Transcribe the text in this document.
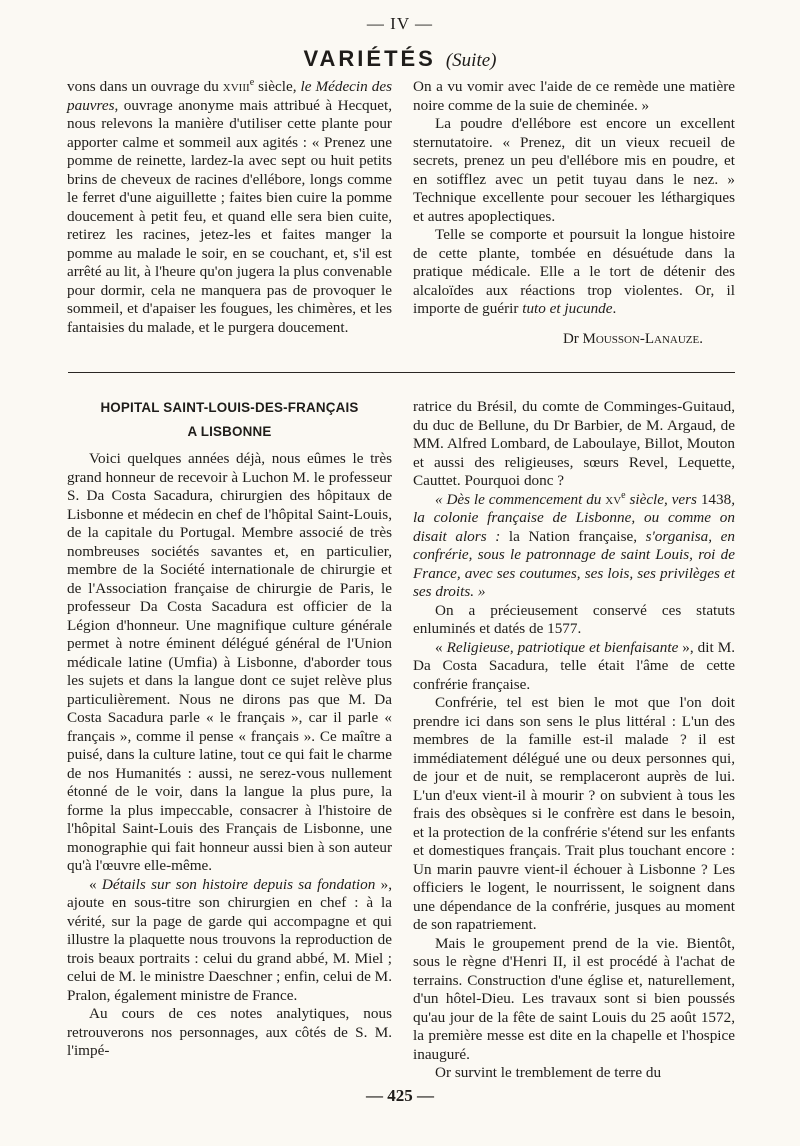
— IV —
VARIÉTÉS (Suite)

vons dans un ouvrage du xviii$^e$ siècle, le Médecin des pauvres, ouvrage anonyme mais attribué à Hecquet, nous relevons la manière d'utiliser cette plante pour apporter calme et sommeil aux agités : « Prenez une pomme de reinette, lardez-la avec sept ou huit petits brins de cheveux de racines d'ellébore, longs comme le ferret d'une aiguillette ; faites bien cuire la pomme doucement à petit feu, et quand elle sera bien cuite, retirez les racines, jetez-les et faites manger la pomme au malade le soir, en se couchant, et, s'il est arrêté au lit, à l'heure qu'on jugera la plus convenable pour dormir, cela ne manquera pas de provoquer le sommeil, et d'apaiser les fougues, les chimères, et les fantaisies du malade, et le purgera doucement.

On a vu vomir avec l'aide de ce remède une matière noire comme de la suie de cheminée. »

La poudre d'ellébore est encore un excellent sternutatoire. « Prenez, dit un vieux recueil de secrets, prenez un peu d'ellébore mis en poudre, et en sotifflez avec un petit tuyau dans le nez. » Technique excellente pour secouer les léthargiques et autres apoplectiques.

Telle se comporte et poursuit la longue histoire de cette plante, tombée en désuétude dans la pratique médicale. Elle a le tort de détenir des alcaloïdes aux réactions trop violentes. Or, il importe de guérir tuto et jucunde.

Dr Mousson-Lanauze.
HOPITAL SAINT-LOUIS-DES-FRANÇAIS
A LISBONNE

Voici quelques années déjà, nous eûmes le très grand honneur de recevoir à Luchon M. le professeur S. Da Costa Sacadura, chirurgien des hôpitaux de Lisbonne et médecin en chef de l'hôpital Saint-Louis, de la capitale du Portugal. Membre associé de très nombreuses sociétés savantes et, en particulier, membre de la Société internationale de chirurgie et de l'Association française de chirurgie de Paris, le professeur Da Costa Sacadura est officier de la Légion d'honneur. Une magnifique culture générale permet à notre éminent délégué général de l'Union médicale latine (Umfia) à Lisbonne, d'aborder tous les sujets et dans la langue dont ce sujet relève plus particulièrement. Nous ne dirons pas que M. Da Costa Sacadura parle « le français », car il parle « français », comme il pense « français ». Ce maître a puisé, dans la culture latine, tout ce qui fait le charme de nos Humanités : aussi, ne serez-vous nullement étonné de le voir, dans la langue la plus pure, la forme la plus impeccable, consacrer à l'histoire de l'hôpital Saint-Louis des Français de Lisbonne, une monographie qui fait honneur aussi bien à son auteur qu'à l'œuvre elle-même.

« Détails sur son histoire depuis sa fondation », ajoute en sous-titre son chirurgien en chef : à la vérité, sur la page de garde qui accompagne et qui illustre la plaquette nous trouvons la reproduction de trois beaux portraits : celui du grand abbé, M. Miel ; celui de M. le ministre Daeschner ; enfin, celui de M. Pralon, également ministre de France.

Au cours de ces notes analytiques, nous retrouverons nos personnages, aux côtés de S. M. l'impé-

ratrice du Brésil, du comte de Comminges-Guitaud, du duc de Bellune, du Dr Barbier, de M. Argaud, de MM. Alfred Lombard, de Laboulaye, Billot, Mouton et aussi des religieuses, sœurs Revel, Lequette, Cauttet. Pourquoi donc ?

« Dès le commencement du $xv^e$ siècle, vers 1438, la colonie française de Lisbonne, ou comme on disait alors : la Nation française, s'organisa, en confrérie, sous le patronnage de saint Louis, roi de France, avec ses coutumes, ses lois, ses privilèges et ses droits. »

On a précieusement conservé ces statuts enluminés et datés de 1577.

« Religieuse, patriotique et bienfaisante », dit M. Da Costa Sacadura, telle était l'âme de cette confrérie française.

Confrérie, tel est bien le mot que l'on doit prendre ici dans son sens le plus littéral : L'un des membres de la famille est-il malade ? il est immédiatement délégué une ou deux personnes qui, de jour et de nuit, se remplaceront auprès de lui. L'un d'eux vient-il à mourir ? on subvient à tous les frais des obsèques si le confrère est dans le besoin, et la protection de la confrérie s'étend sur les enfants et domestiques français. Trait plus touchant encore : Un marin pauvre vient-il échouer à Lisbonne ? Les officiers le logent, le nourrissent, le soignent dans une dépendance de la confrérie, jusques au moment de son rapatriement.

Mais le groupement prend de la vie. Bientôt, sous le règne d'Henri II, il est procédé à l'achat de terrains. Construction d'une église et, naturellement, d'un hôtel-Dieu. Les travaux sont si bien poussés qu'au jour de la fête de saint Louis du 25 août 1572, la première messe est dite en la chapelle et l'hospice inauguré.

Or survint le tremblement de terre du

— 425 —
